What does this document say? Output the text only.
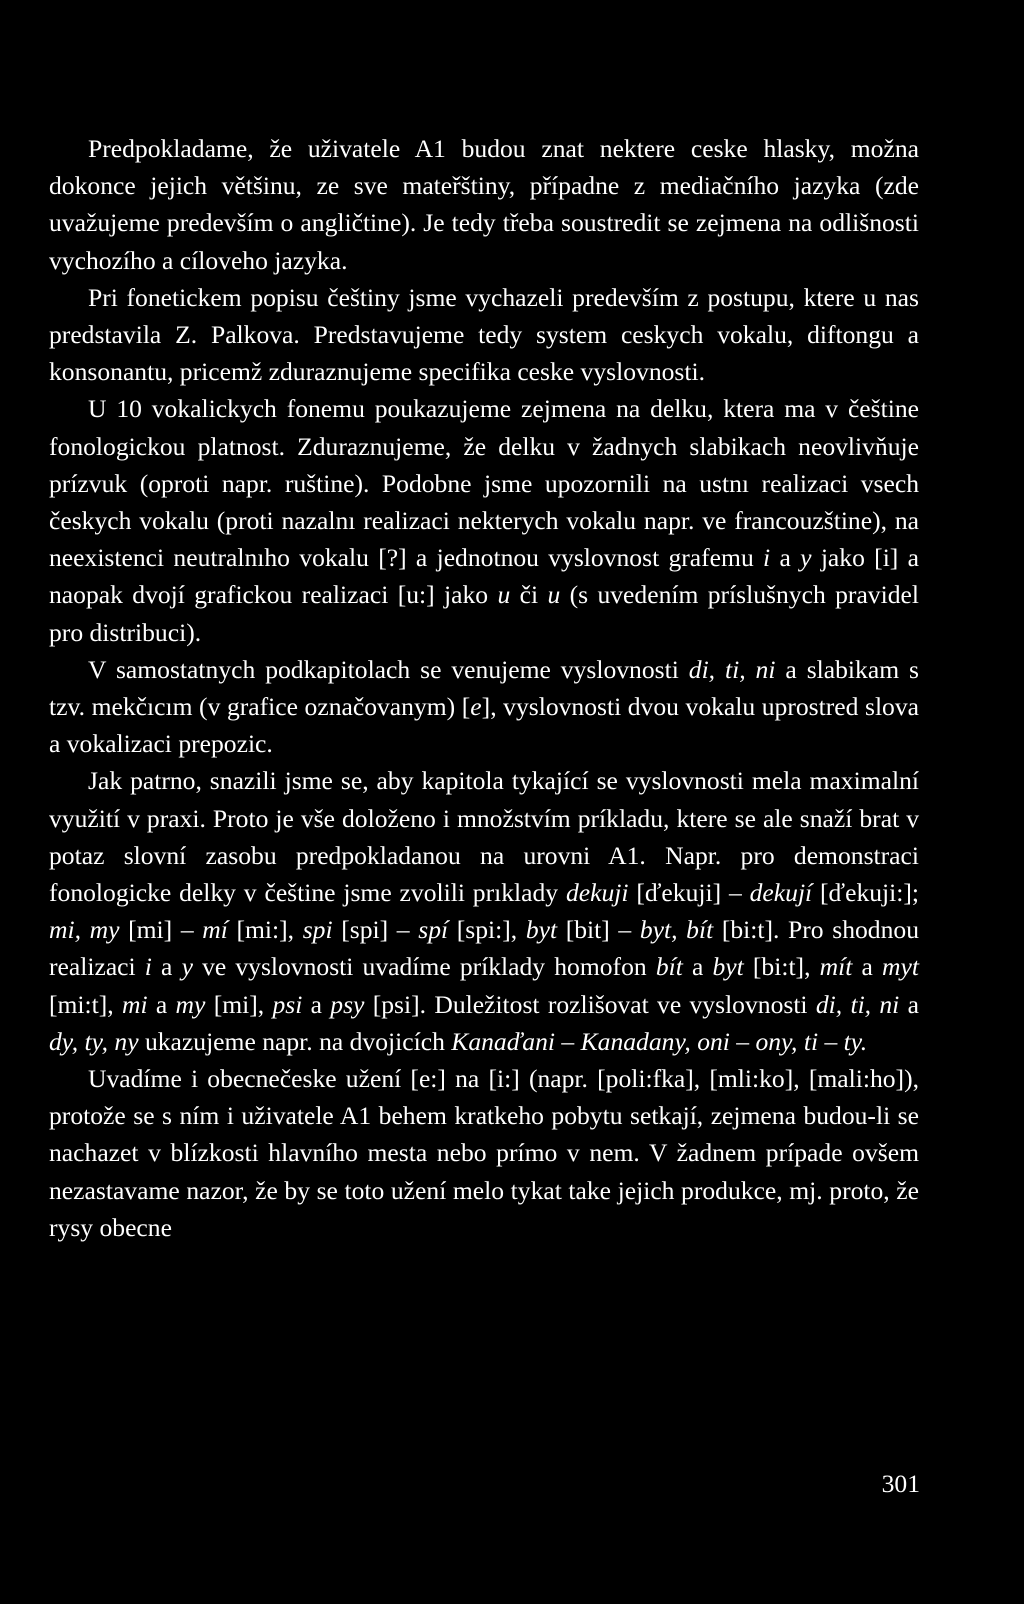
Predpokladame, že uživatele A1 budou znat nektere ceske hlasky, možna dokonce jejich většinu, ze sve mateřštiny, případne z mediačního jazyka (zde uvažujeme predevším o angličtine). Je tedy třeba soustredit se zejmena na odlišnosti vychozího a cíloveho jazyka.

Pri fonetickem popisu češtiny jsme vychazeli predevším z postupu, ktere u nas predstavila Z. Palkova. Predstavujeme tedy system ceskych vokalu, diftongu a konsonantu, pricemž zduraznujeme specifika ceske vyslovnosti.

U 10 vokalickych fonemu poukazujeme zejmena na delku, ktera ma v češtine fonologickou platnost. Zduraznujeme, že delku v žadnych slabikach neovlivňuje prízvuk (oproti napr. ruštine). Podobne jsme upozornili na ustnı realizaci vsech českych vokalu (proti nazalnı realizaci nekterych vokalu napr. ve francouzštine), na neexistenci neutralnıho vokalu [?] a jednotnou vyslovnost grafemu i a y jako [i] a naopak dvojí grafickou realizaci [u:] jako u či u (s uvedením príslušnych pravidel pro distribuci).

V samostatnych podkapitolach se venujeme vyslovnosti di, ti, ni a slabikam s tzv. mekčıcım (v grafice označovanym) [e], vyslovnosti dvou vokalu uprostred slova a vokalizaci prepozic.

Jak patrno, snazili jsme se, aby kapitola tykající se vyslovnosti mela maximalní využití v praxi. Proto je vše doloženo i množstvím príkladu, ktere se ale snaží brat v potaz slovní zasobu predpokladanou na urovni A1. Napr. pro demonstraci fonologicke delky v češtine jsme zvolili prıklady dekuji [ďekuji] – dekují [ďekuji:]; mi, my [mi] – mí [mi:], spi [spi] – spí [spi:], byt [bit] – byt, bít [bi:t]. Pro shodnou realizaci i a y ve vyslovnosti uvadíme príklady homofon bít a byt [bi:t], mít a myt [mi:t], mi a my [mi], psi a psy [psi]. Duležitost rozlišovat ve vyslovnosti di, ti, ni a dy, ty, ny ukazujeme napr. na dvojicích Kanaďani – Kanadany, oni – ony, ti – ty.

Uvadíme i obecnečeske užení [e:] na [i:] (napr. [poli:fka], [mli:ko], [mali:ho]), protože se s ním i uživatele A1 behem kratkeho pobytu setkají, zejmena budou-li se nachazet v blízkosti hlavního mesta nebo prímo v nem. V žadnem prípade ovšem nezastavame nazor, že by se toto užení melo tykat take jejich produkce, mj. proto, že rysy obecne

301
